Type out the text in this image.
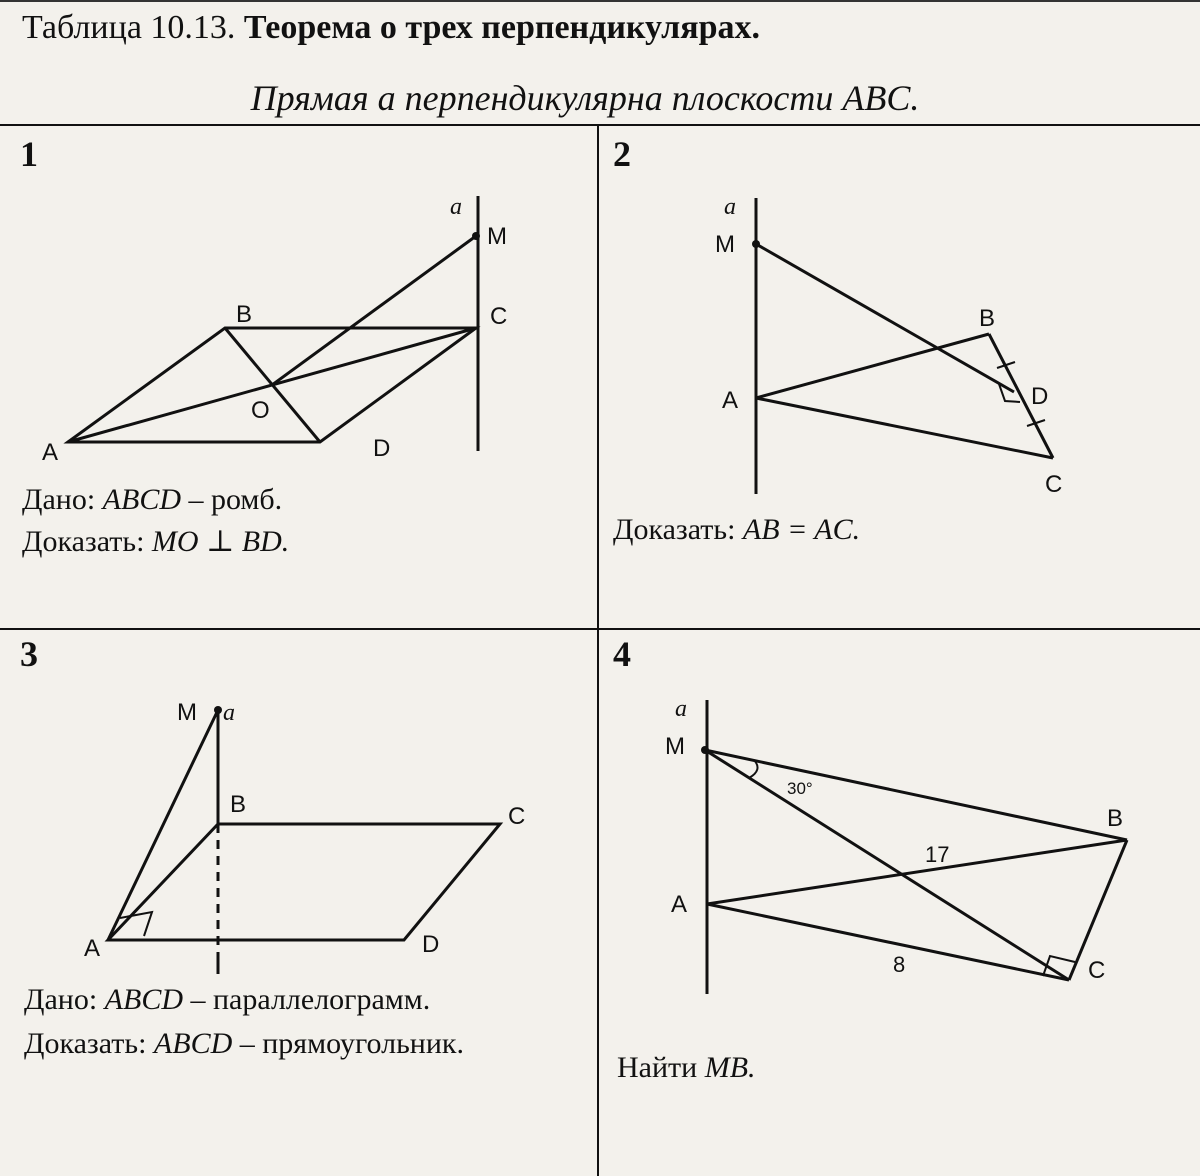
Таблица 10.13. Теорема о трех перпендикулярах.
Прямая a перпендикулярна плоскости ABC.
1
a
M
B	C
O
A	D
Дано: ABCD – ромб.
Доказать: MO ⊥ BD.
2
a
M
B
D
A
C
Доказать: AB = AC.
3
M a
B	C
A	D
Дано: ABCD – параллелограмм.
Доказать: ABCD – прямоугольник.
4
a
M
30°
B
17
A
8	C
Найти MB.
